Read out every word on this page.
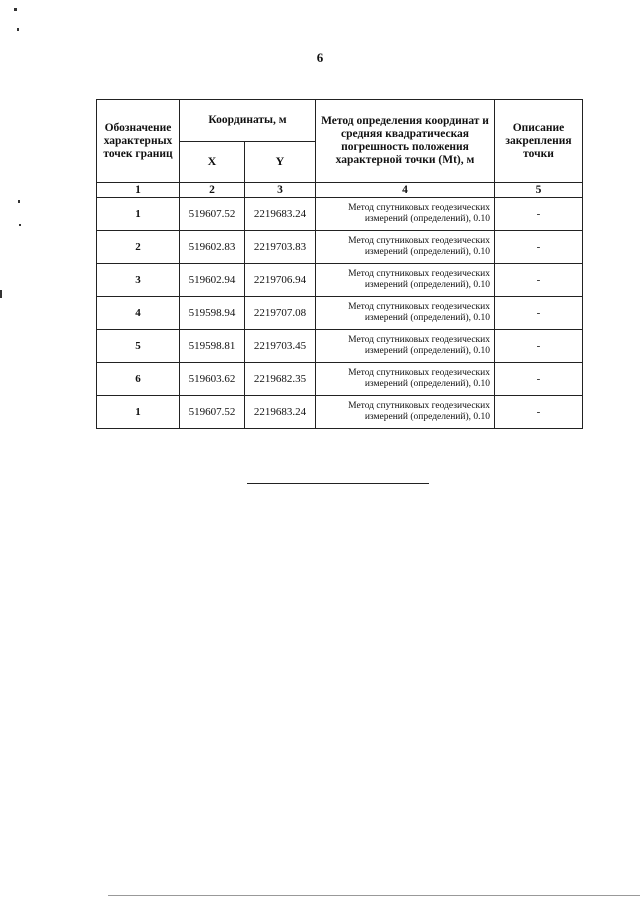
6
Обозначение характерных точек границ	Координаты, м		Метод определения координат и средняя квадратическая погрешность положения характерной точки (Mt), м	Описание закрепления точки
	X	Y		
1	2	3	4	5
1	519607.52	2219683.24	Метод спутниковых геодезических измерений (определений), 0.10	-
2	519602.83	2219703.83	Метод спутниковых геодезических измерений (определений), 0.10	-
3	519602.94	2219706.94	Метод спутниковых геодезических измерений (определений), 0.10	-
4	519598.94	2219707.08	Метод спутниковых геодезических измерений (определений), 0.10	-
5	519598.81	2219703.45	Метод спутниковых геодезических измерений (определений), 0.10	-
6	519603.62	2219682.35	Метод спутниковых геодезических измерений (определений), 0.10	-
1	519607.52	2219683.24	Метод спутниковых геодезических измерений (определений), 0.10	-
